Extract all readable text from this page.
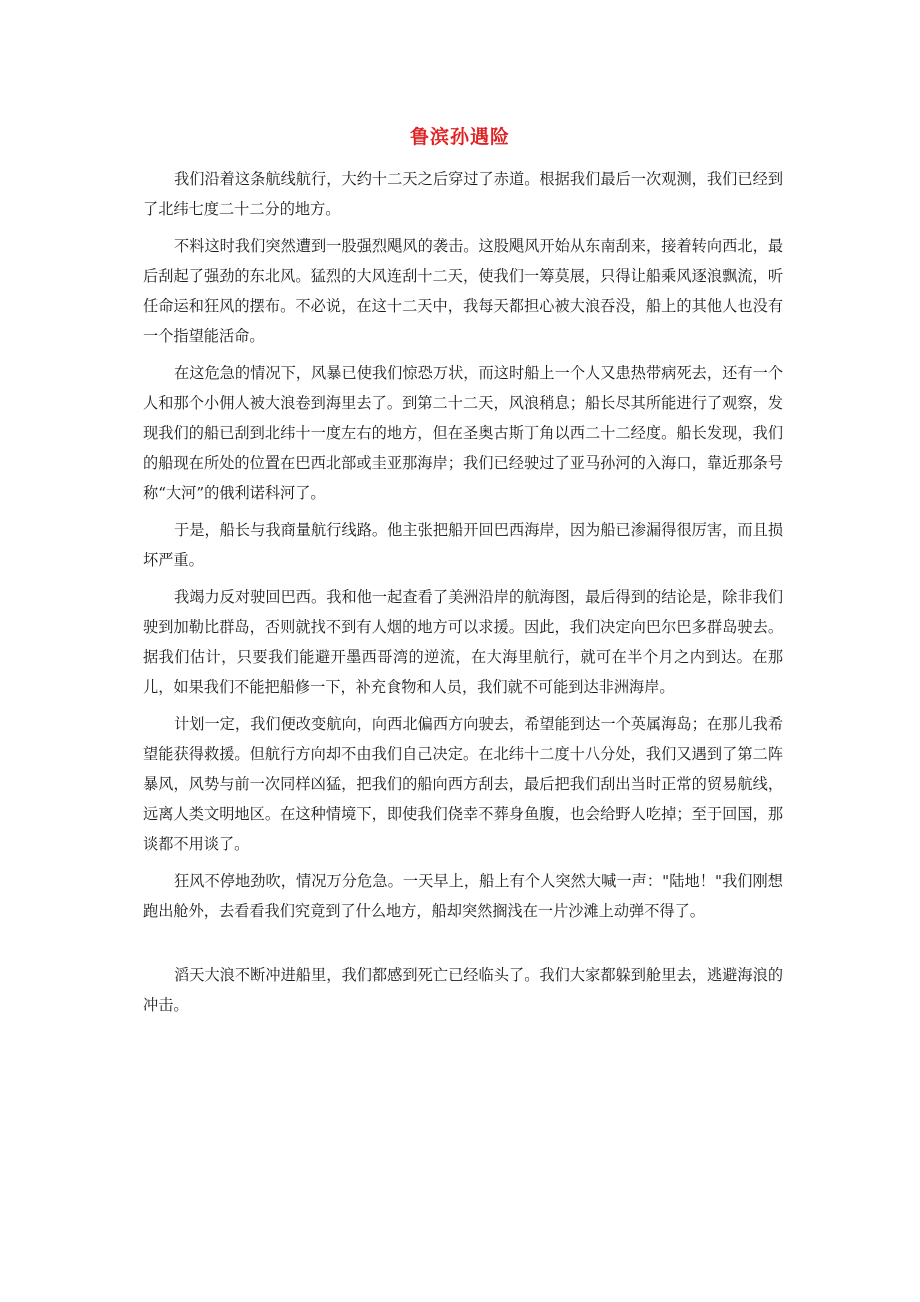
鲁滨孙遇险

我们沿着这条航线航行，大约十二天之后穿过了赤道。根据我们最后一次观测，我们已经到了北纬七度二十二分的地方。

不料这时我们突然遭到一股强烈飓风的袭击。这股飓风开始从东南刮来，接着转向西北，最后刮起了强劲的东北风。猛烈的大风连刮十二天，使我们一筹莫展，只得让船乘风逐浪飘流，听任命运和狂风的摆布。不必说，在这十二天中，我每天都担心被大浪吞没，船上的其他人也没有一个指望能活命。

在这危急的情况下，风暴已使我们惊恐万状，而这时船上一个人又患热带病死去，还有一个人和那个小佣人被大浪卷到海里去了。到第二十二天，风浪稍息；船长尽其所能进行了观察，发现我们的船已刮到北纬十一度左右的地方，但在圣奥古斯丁角以西二十二经度。船长发现，我们的船现在所处的位置在巴西北部或圭亚那海岸；我们已经驶过了亚马孙河的入海口，靠近那条号称“大河”的俄利诺科河了。

于是，船长与我商量航行线路。他主张把船开回巴西海岸，因为船已渗漏得很厉害，而且损坏严重。

我竭力反对驶回巴西。我和他一起查看了美洲沿岸的航海图，最后得到的结论是，除非我们驶到加勒比群岛，否则就找不到有人烟的地方可以求援。因此，我们决定向巴尔巴多群岛驶去。据我们估计，只要我们能避开墨西哥湾的逆流，在大海里航行，就可在半个月之内到达。在那儿，如果我们不能把船修一下，补充食物和人员，我们就不可能到达非洲海岸。

计划一定，我们便改变航向，向西北偏西方向驶去，希望能到达一个英属海岛；在那儿我希望能获得救援。但航行方向却不由我们自己决定。在北纬十二度十八分处，我们又遇到了第二阵暴风，风势与前一次同样凶猛，把我们的船向西方刮去，最后把我们刮出当时正常的贸易航线，远离人类文明地区。在这种情境下，即使我们侥幸不葬身鱼腹，也会给野人吃掉；至于回国，那谈都不用谈了。

狂风不停地劲吹，情况万分危急。一天早上，船上有个人突然大喊一声："陆地！"我们刚想跑出舱外，去看看我们究竟到了什么地方，船却突然搁浅在一片沙滩上动弹不得了。

滔天大浪不断冲进船里，我们都感到死亡已经临头了。我们大家都躲到舱里去，逃避海浪的冲击。
